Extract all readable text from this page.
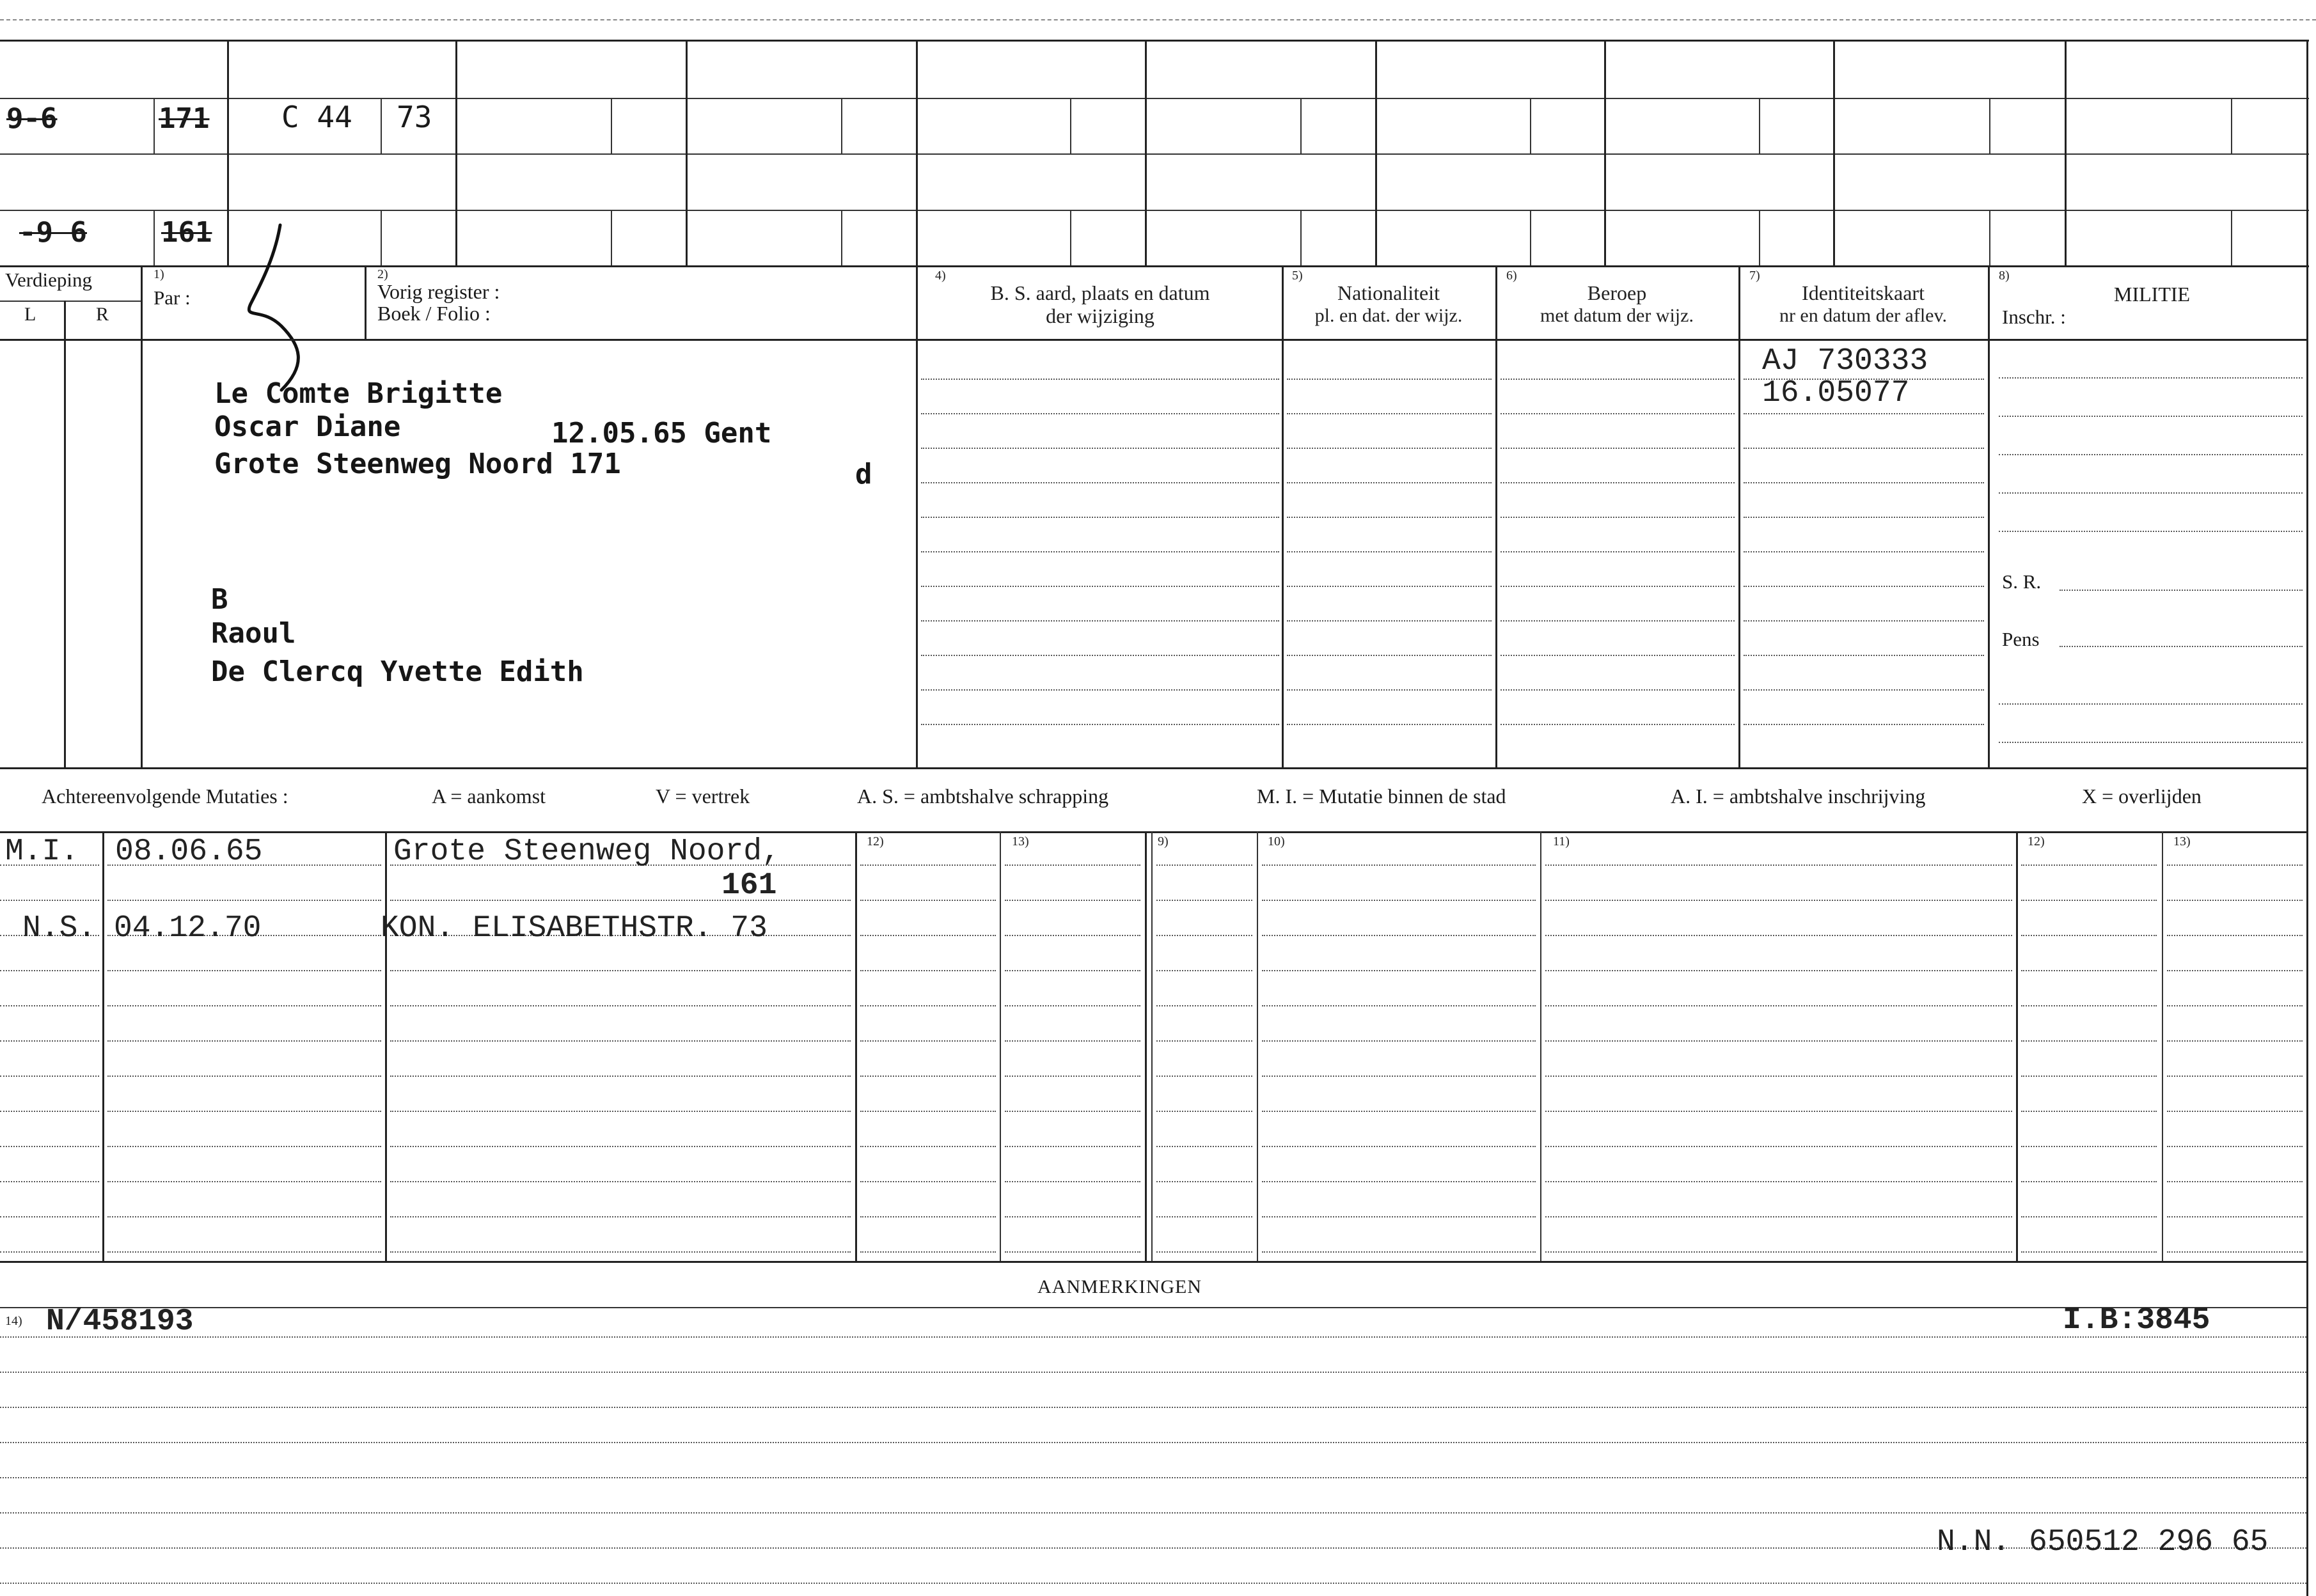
9-6	171 C 44 73
-9 6	161
Verdieping
L	R
1)
Par :
2)
Vorig register :
Boek / Folio :
4)
B. S. aard, plaats en datum
der wijziging
5)
Nationaliteit
pl. en dat. der wijz.
6)
Beroep
met datum der wijz.
7)
Identiteitskaart
nr en datum der aflev.
8)
MILITIE
Inschr. :
S. R.
Pens
Le Comte Brigitte
Oscar Diane	12.05.65 Gent
Grote Steenweg Noord 171	d
B
Raoul
De Clercq Yvette Edith
AJ 730333
16.05077
Achtereenvolgende Mutaties :	A = aankomst	V = vertrek	A. S. = ambtshalve schrapping	M. I. = Mutatie binnen de stad	A. I. = ambtshalve inschrijving	X = overlijden
12)	13)	9)	10)	11)	12)	13)
M.I. 08.06.65	Grote Steenweg Noord,
161
N.S. 04.12.70	KON. ELISABETHSTR. 73
AANMERKINGEN
14) N/458193	I.B:3845
N.N. 650512 296 65
